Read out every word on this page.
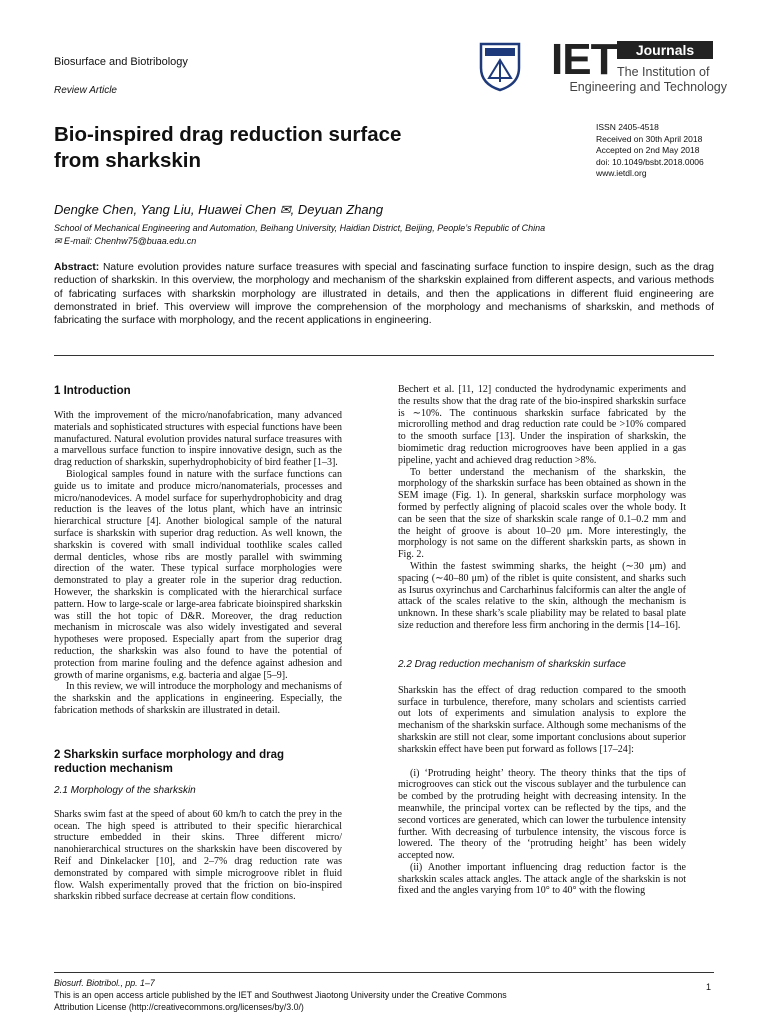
Biosurface and Biotribology
Review Article
IET	Journals
The Institution of
Engineering and Technology
Bio-inspired drag reduction surface
from sharkskin
ISSN 2405-4518
Received on 30th April 2018
Accepted on 2nd May 2018
doi: 10.1049/bsbt.2018.0006
www.ietdl.org
Dengke Chen, Yang Liu, Huawei Chen ✉, Deyuan Zhang
School of Mechanical Engineering and Automation, Beihang University, Haidian District, Beijing, People’s Republic of China
✉ E-mail: Chenhw75@buaa.edu.cn
Abstract: Nature evolution provides nature surface treasures with special and fascinating surface function to inspire design, such as the drag reduction of sharkskin. In this overview, the morphology and mechanism of the sharkskin explained from different aspects, and various methods of fabricating surfaces with sharkskin morphology are illustrated in details, and then the applications in different fluid engineering are demonstrated in brief. This overview will improve the comprehension of the morphology and mechanisms of sharkskin, and methods of fabricating the surface with morphology, and the recent applications in engineering.
1 Introduction

With the improvement of the micro/nanofabrication, many advanced materials and sophisticated structures with especial functions have been manufactured. Natural evolution provides natural surface treasures with a marvellous surface function to inspire innovative design, such as the drag reduction of sharkskin, superhydrophobicity of bird feather [1–3].

Biological samples found in nature with the surface functions can guide us to imitate and produce micro/nanomaterials, processes and micro/nanodevices. A model surface for superhydrophobicity and drag reduction is the leaves of the lotus plant, which have an intrinsic hierarchical structure [4]. Another biological sample of the natural surface is sharkskin with superior drag reduction. As well known, the sharkskin is covered with small individual toothlike scales called dermal denticles, whose ribs are mostly parallel with swimming direction of the water. These typical surface morphologies were demonstrated to play a greater role in the superior drag reduction. However, the sharkskin is complicated with the hierarchical surface pattern. How to large-scale or large-area fabricate bioinspired sharkskin was still the hot topic of D&R. Moreover, the drag reduction mechanism in microscale was also widely investigated and several hypotheses were proposed. Especially apart from the superior drag reduction, the sharkskin was also found to have the potential of protection from marine fouling and the defence against adhesion and growth of marine organisms, e.g. bacteria and algae [5–9].

In this review, we will introduce the morphology and mechanisms of the sharkskin and the applications in engineering. Especially, the fabrication methods of sharkskin are illustrated in detail.

2 Sharkskin surface morphology and drag
reduction mechanism
2.1 Morphology of the sharkskin

Sharks swim fast at the speed of about 60 km/h to catch the prey in the ocean. The high speed is attributed to their specific hierarchical structure embedded in their skins. Three different micro/ nanohierarchical structures on the sharkskin have been discovered by Reif and Dinkelacker [10], and 2–7% drag reduction rate was demonstrated by compared with simple microgroove riblet in fluid flow. Walsh experimentally proved that the friction on bio-inspired sharkskin ribbed surface decrease at certain flow conditions.

Bechert et al. [11, 12] conducted the hydrodynamic experiments and the results show that the drag rate of the bio-inspired sharkskin surface is ∼10%. The continuous sharkskin surface fabricated by the microrolling method and drag reduction rate could be >10% compared to the smooth surface [13]. Under the inspiration of sharkskin, the biomimetic drag reduction microgrooves have been applied in a gas pipeline, yacht and achieved drag reduction >8%.

To better understand the mechanism of the sharkskin, the morphology of the sharkskin surface has been obtained as shown in the SEM image (Fig. 1). In general, sharkskin surface morphology was formed by perfectly aligning of placoid scales over the whole body. It can be seen that the size of sharkskin scale range of 0.1–0.2 mm and the height of groove is about 10–20 μm. More interestingly, the morphology is not same on the different sharkskin parts, as shown in Fig. 2.

Within the fastest swimming sharks, the height (∼30 μm) and spacing (∼40–80 μm) of the riblet is quite consistent, and sharks such as Isurus oxyrinchus and Carcharhinus falciformis can alter the angle of attack of the scales relative to the skin, although the mechanism is unknown. In these shark’s scale pliability may be related to basal plate size reduction and therefore less firm anchoring in the dermis [14–16].

2.2 Drag reduction mechanism of sharkskin surface

Sharkskin has the effect of drag reduction compared to the smooth surface in turbulence, therefore, many scholars and scientists carried out lots of experiments and simulation analysis to explore the mechanism of the sharkskin surface. Although some mechanisms of the sharkskin are still not clear, some important conclusions about superior sharkskin effect have been put forward as follows [17–24]:

(i) ‘Protruding height’ theory. The theory thinks that the tips of microgrooves can stick out the viscous sublayer and the turbulence can be combed by the protruding height with decreasing intensity. In the meanwhile, the principal vortex can be reflected by the tips, and the second vortices are generated, which can lower the turbulence intensity further. With decreasing of turbulence intensity, the viscous force is lowered. The theory of the ‘protruding height’ has been widely accepted now.

(ii) Another important influencing drag reduction factor is the sharkskin scales attack angles. The attack angle of the sharkskin is not fixed and the angles varying from 10° to 40° with the flowing

Biosurf. Biotribol., pp. 1–7
This is an open access article published by the IET and Southwest Jiaotong University under the Creative Commons
Attribution License (http://creativecommons.org/licenses/by/3.0/)
1
